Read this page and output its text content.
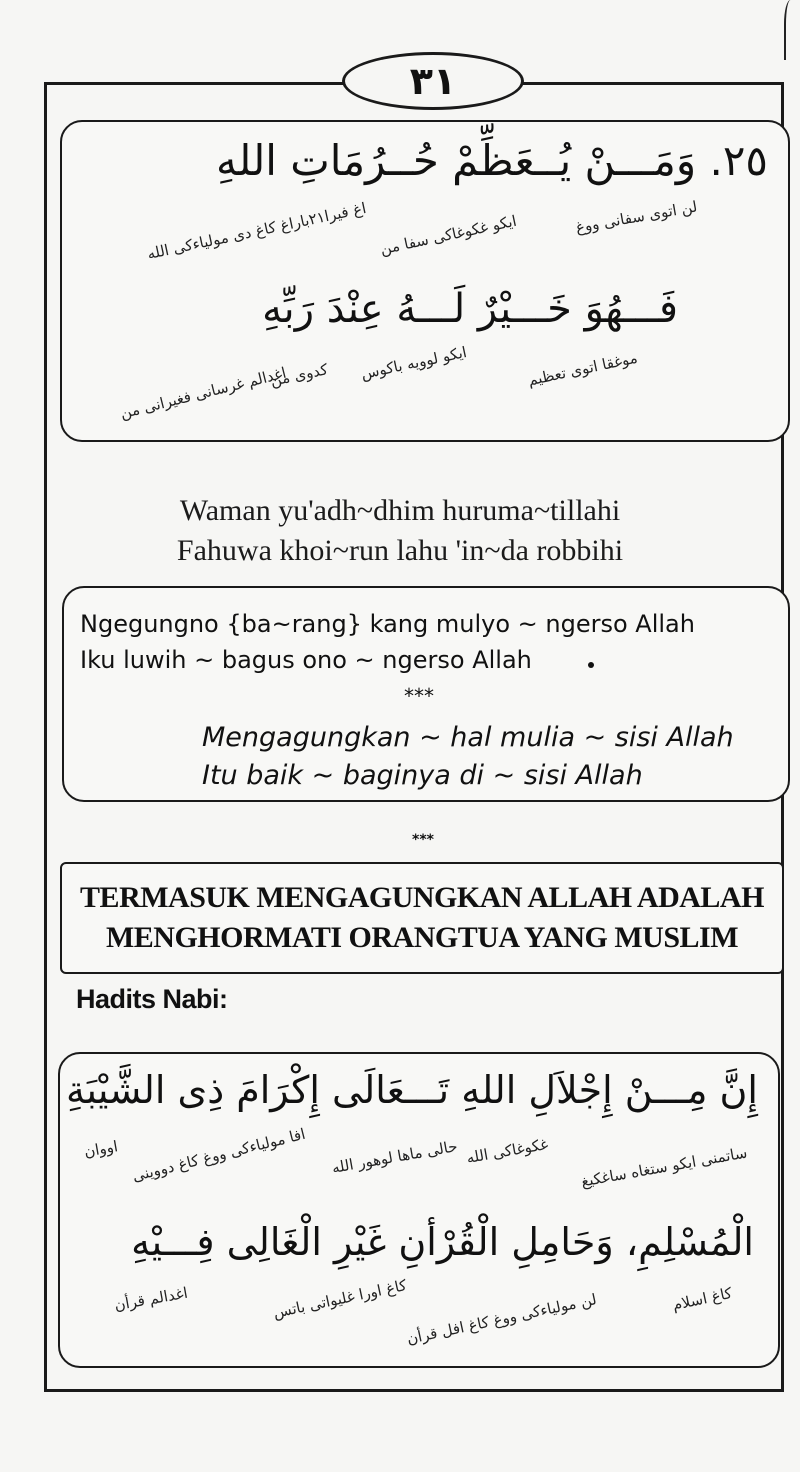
٣١
٢٥. وَمَـــنْ يُــعَظِّمْ حُــرُمَاتِ اللهِ
لن اتوى سفانى ووغ
ايكو غكوغاكى سفا من
اغ فيرا٢١باراغ كاغ دى مولياءكى الله
فَـــهُوَ خَـــيْرٌ لَـــهُ عِنْدَ رَبِّهِ
موغقا اتوى تعظيم
ايكو لوويه باكوس
كدوى من
اغدالم غرسانى فغيرانى من
Waman yu'adh~dhim huruma~tillahi
Fahuwa khoi~run lahu 'in~da robbihi
Ngegungno {ba~rang} kang mulyo ~ ngerso Allah
Iku luwih ~ bagus ono ~ ngerso Allah
***
Mengagungkan ~ hal mulia ~ sisi Allah
Itu baik ~ baginya di ~ sisi Allah
***
TERMASUK MENGAGUNGKAN ALLAH ADALAH
MENGHORMATI ORANGTUA YANG MUSLIM
Hadits Nabi:
إِنَّ مِـــنْ إِجْلاَلِ اللهِ تَـــعَالَى إِكْرَامَ ذِى الشَّيْبَةِ
ساتمنى ايكو ستغاه ساغكيغ
غكوغاكى الله
حالى ماها لوهور الله
افا مولياءكى ووغ كاغ دووينى
اووان
الْمُسْلِمِ، وَحَامِلِ الْقُرْأنِ غَيْرِ الْغَالِى فِـــيْهِ
كاغ اسلام
لن مولياءكى ووغ كاغ افل قرأن
كاغ اورا غليواتى باتس
اغدالم قرأن
